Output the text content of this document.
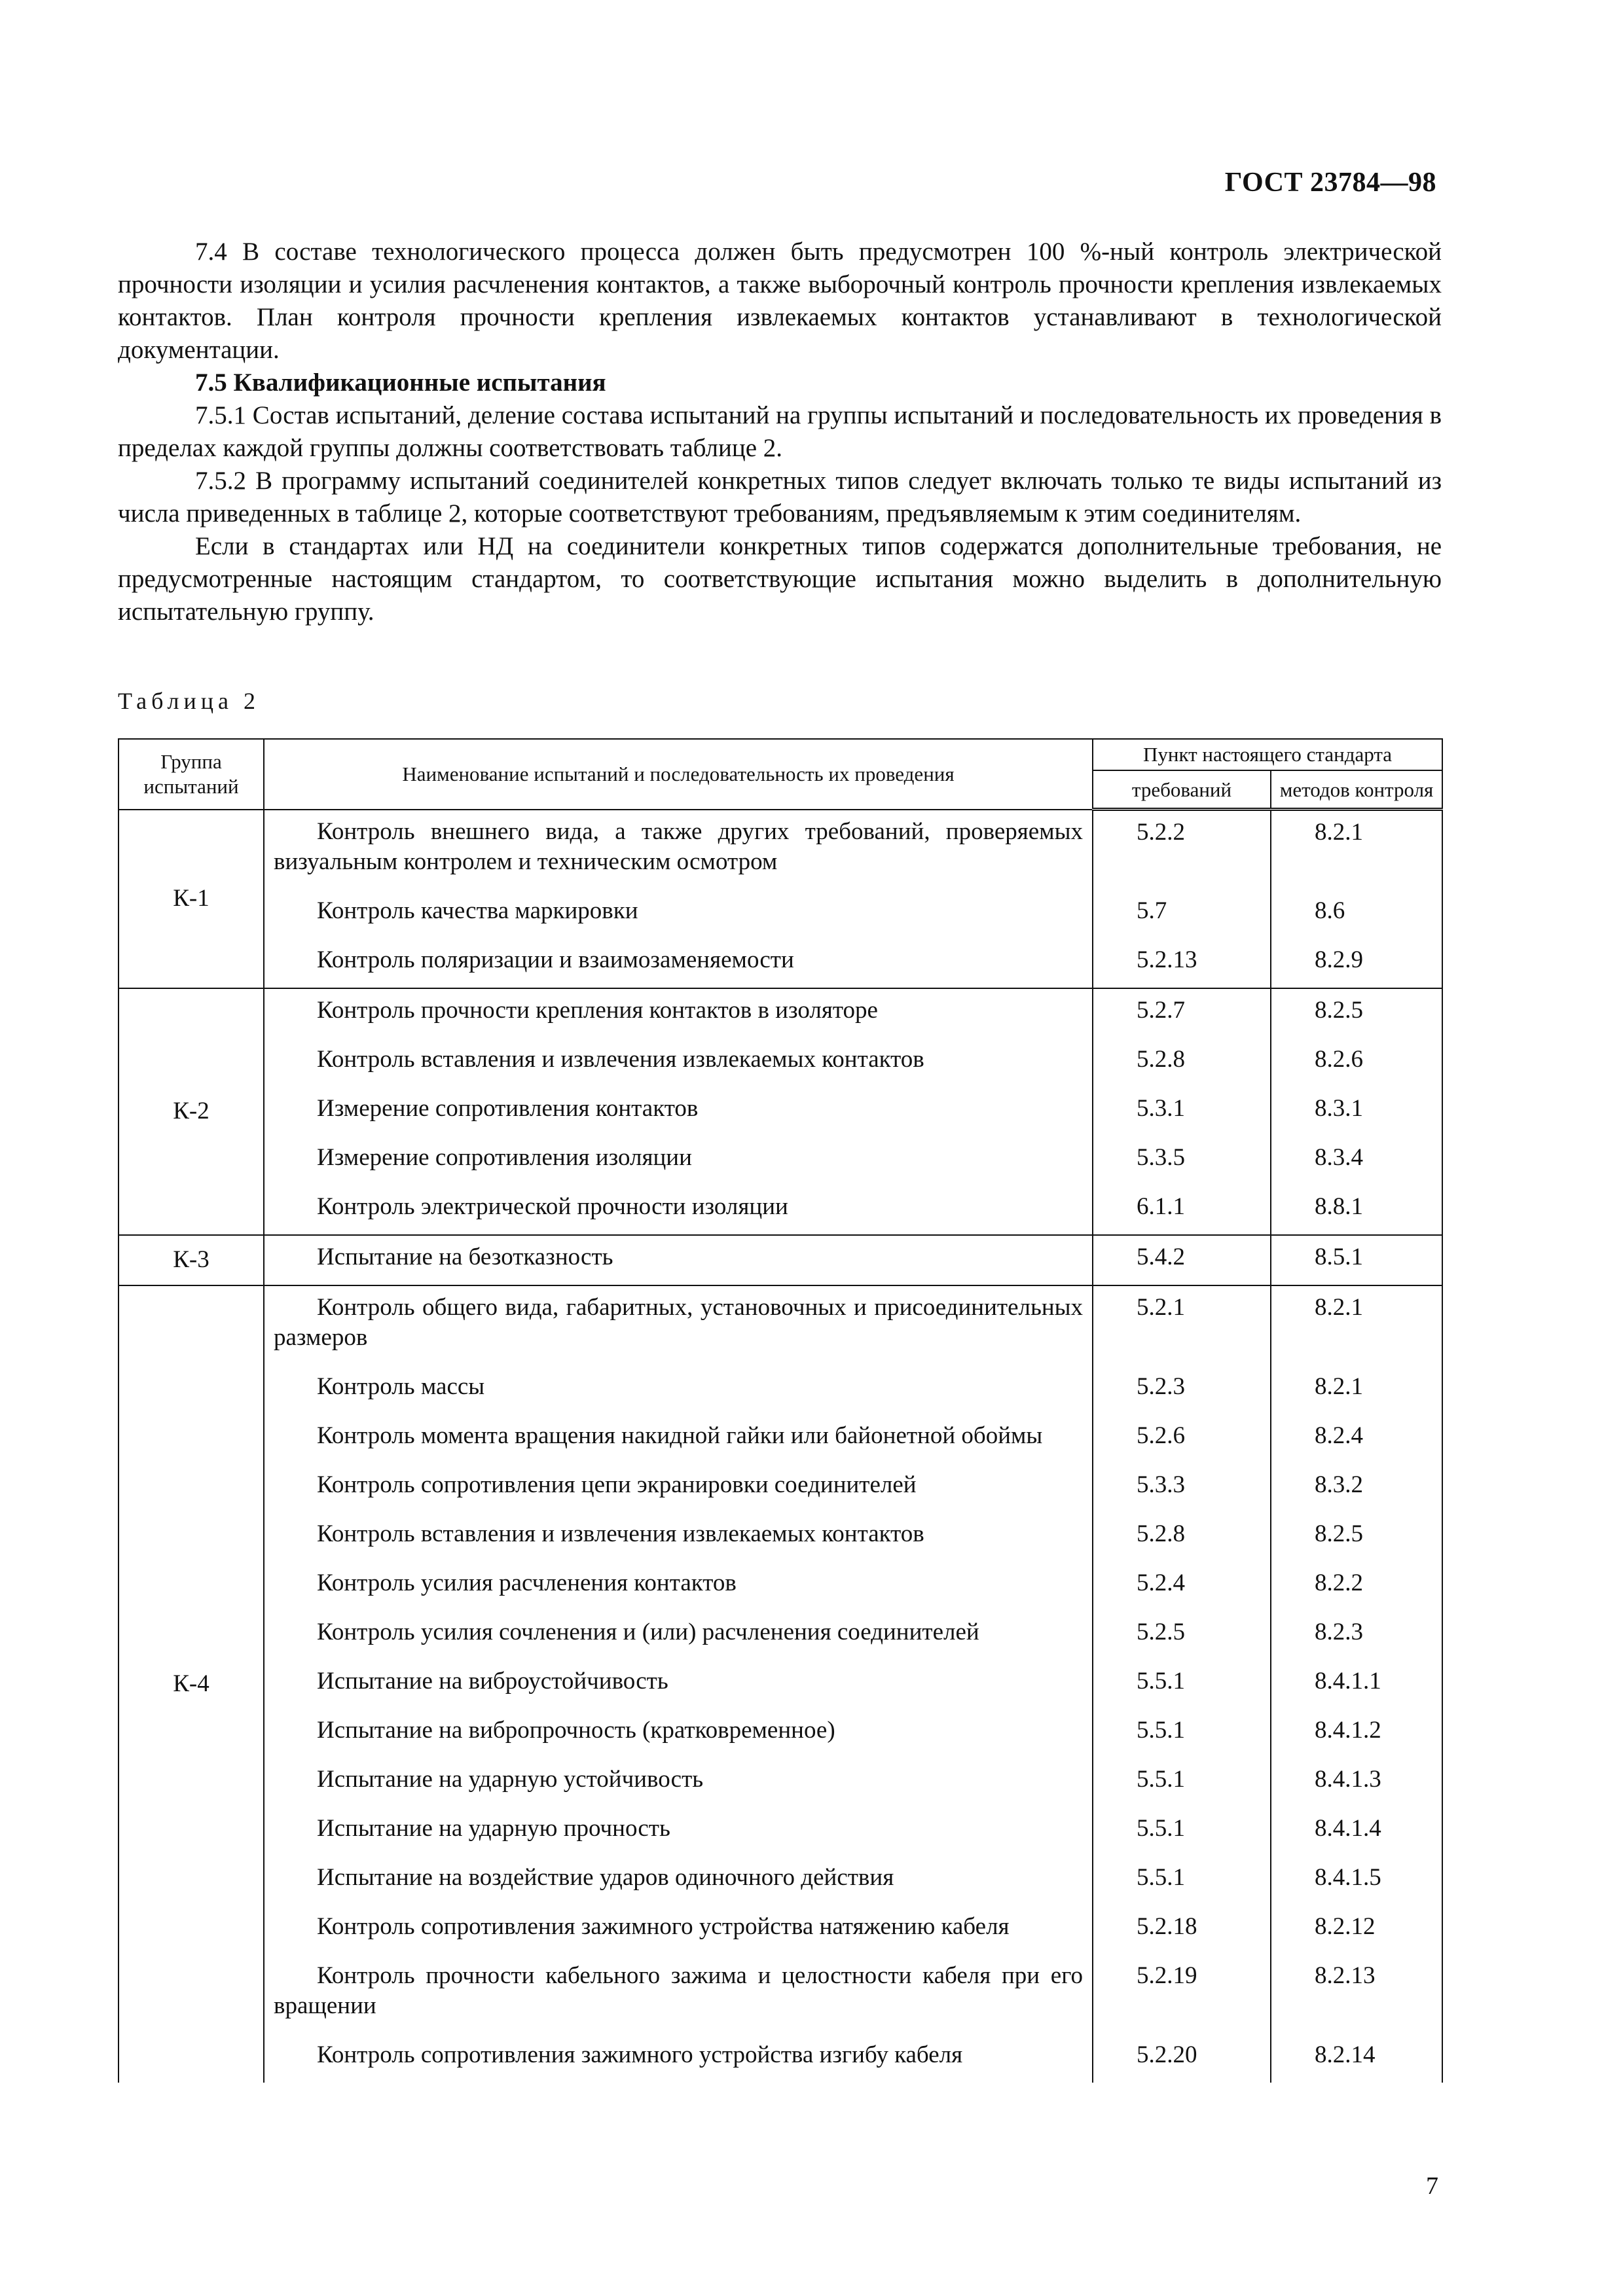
ГОСТ 23784—98

7.4 В составе технологического процесса должен быть предусмотрен 100 %-ный контроль электрической прочности изоляции и усилия расчленения контактов, а также выборочный контроль прочности крепления извлекаемых контактов. План контроля прочности крепления извлекаемых контактов устанавливают в технологической документации.

7.5 Квалификационные испытания

7.5.1 Состав испытаний, деление состава испытаний на группы испытаний и последовательность их проведения в пределах каждой группы должны соответствовать таблице 2.

7.5.2 В программу испытаний соединителей конкретных типов следует включать только те виды испытаний из числа приведенных в таблице 2, которые соответствуют требованиям, предъявляемым к этим соединителям.

Если в стандартах или НД на соединители конкретных типов содержатся дополнительные требования, не предусмотренные настоящим стандартом, то соответствующие испытания можно выделить в дополнительную испытательную группу.

Таблица 2
Группа испытаний	Наименование испытаний и последовательность их проведения	Пункт настоящего стандарта	
		требований	методов контроля
К-1	Контроль внешнего вида, а также других требований, проверяемых визуальным контролем и техническим осмотром	5.2.2	8.2.1

	Контроль качества маркировки	5.7	8.6

	Контроль поляризации и взаимозаменяемости	5.2.13	8.2.9
К-2	Контроль прочности крепления контактов в изоляторе	5.2.7	8.2.5

	Контроль вставления и извлечения извлекаемых контактов	5.2.8	8.2.6

	Измерение сопротивления контактов	5.3.1	8.3.1

	Измерение сопротивления изоляции	5.3.5	8.3.4

	Контроль электрической прочности изоляции	6.1.1	8.8.1
К-3	Испытание на безотказность	5.4.2	8.5.1
К-4	Контроль общего вида, габаритных, установочных и присоединительных размеров	5.2.1	8.2.1

	Контроль массы	5.2.3	8.2.1

	Контроль момента вращения накидной гайки или байонетной обоймы	5.2.6	8.2.4

	Контроль сопротивления цепи экранировки соединителей	5.3.3	8.3.2

	Контроль вставления и извлечения извлекаемых контактов	5.2.8	8.2.5

	Контроль усилия расчленения контактов	5.2.4	8.2.2

	Контроль усилия сочленения и (или) расчленения соединителей	5.2.5	8.2.3

	Испытание на виброустойчивость	5.5.1	8.4.1.1

	Испытание на вибропрочность (кратковременное)	5.5.1	8.4.1.2

	Испытание на ударную устойчивость	5.5.1	8.4.1.3

	Испытание на ударную прочность	5.5.1	8.4.1.4

	Испытание на воздействие ударов одиночного действия	5.5.1	8.4.1.5

	Контроль сопротивления зажимного устройства натяжению кабеля	5.2.18	8.2.12

	Контроль прочности кабельного зажима и целостности кабеля при его вращении	5.2.19	8.2.13

	Контроль сопротивления зажимного устройства изгибу кабеля	5.2.20	8.2.14
7
